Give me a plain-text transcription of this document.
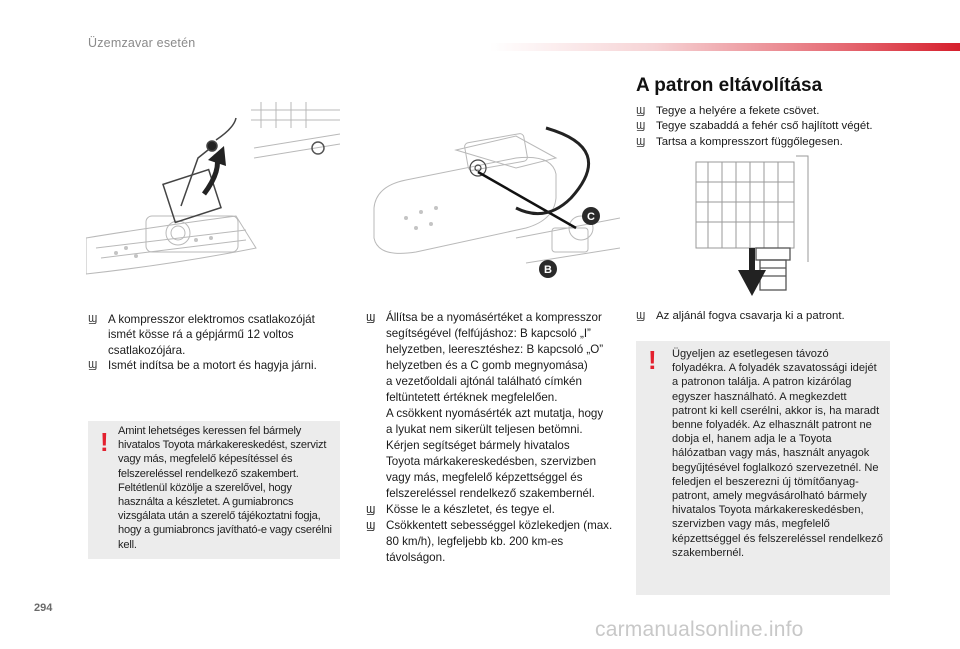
Üzemzavar esetén
C
B
Ϣ A kompresszor elektromos csatlakozóját ismét kösse rá a gépjármű 12 voltos csatlakozójára.
Ϣ Ismét indítsa be a motort és hagyja járni.
! Amint lehetséges keressen fel bármely hivatalos Toyota márkakereskedést, szervizt vagy más, megfelelő képesítéssel és felszereléssel rendelkező szakembert. Feltétlenül közölje a szerelővel, hogy használta a készletet. A gumiabroncs vizsgálata után a szerelő tájékoztatni fogja, hogy a gumiabroncs javítható-e vagy cserélni kell.
Ϣ Állítsa be a nyomásértéket a kompresszor
segítségével (felfújáshoz: B kapcsoló „I”
helyzetben, leeresztéshez: B kapcsoló „O”
helyzetben és a C gomb megnyomása)
a vezetőoldali ajtónál található címkén
feltüntetett értéknek megfelelően.
A csökkent nyomásérték azt mutatja, hogy
a lyukat nem sikerült teljesen betömni.
Kérjen segítséget bármely hivatalos
Toyota márkakereskedésben, szervizben
vagy más, megfelelő képzettséggel és
felszereléssel rendelkező szakembernél.
Ϣ Kösse le a készletet, és tegye el.
Ϣ Csökkentett sebességgel közlekedjen (max. 80 km/h), legfeljebb kb. 200 km-es távolságon.
A patron eltávolítása
Ϣ Tegye a helyére a fekete csövet.
Ϣ Tegye szabaddá a fehér cső hajlított végét.
Ϣ Tartsa a kompresszort függőlegesen.
Ϣ Az aljánál fogva csavarja ki a patront.
! Ügyeljen az esetlegesen távozó folyadékra. A folyadék szavatossági idejét a patronon találja. A patron kizárólag egyszer használható. A megkezdett patront ki kell cserélni, akkor is, ha maradt benne folyadék. Az elhasznált patront ne dobja el, hanem adja le a Toyota hálózatban vagy más, használt anyagok begyűjtésével foglalkozó szervezetnél. Ne feledjen el beszerezni új tömítőanyag-patront, amely megvásárolható bármely hivatalos Toyota márkakereskedésben, szervizben vagy más, megfelelő képzettséggel és felszereléssel rendelkező szakembernél.
294
carmanualsonline.info
